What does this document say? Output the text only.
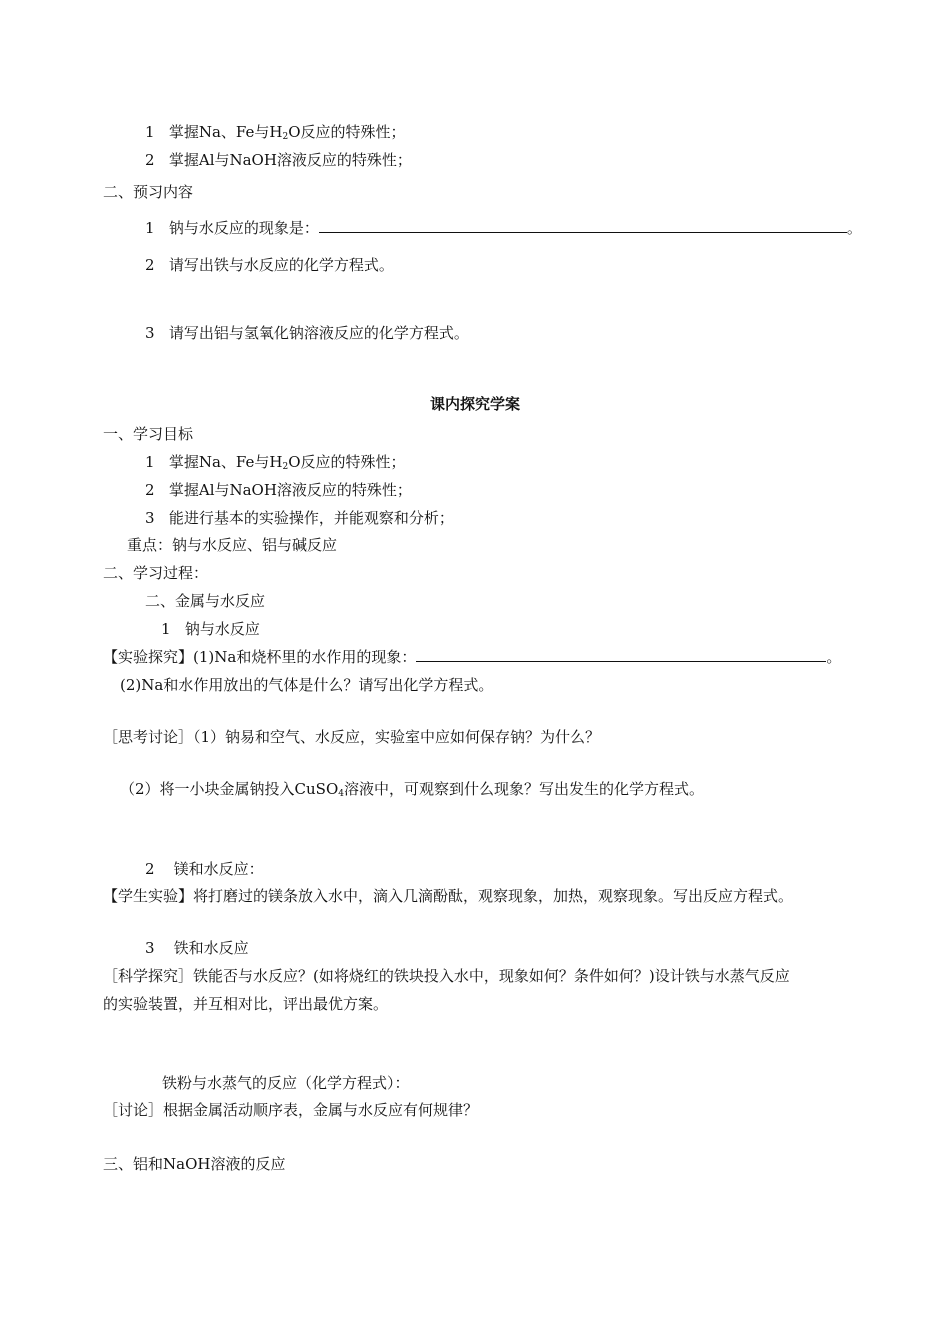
1 掌握Na、Fe与$H_2O$反应的特殊性；
2 掌握Al与NaOH溶液反应的特殊性；
二、预习内容
1 钠与水反应的现象是：	。
2 请写出铁与水反应的化学方程式。
3 请写出铝与氢氧化钠溶液反应的化学方程式。
课内探究学案
一、学习目标
1 掌握Na、Fe与$H_2O$反应的特殊性；
2 掌握Al与NaOH溶液反应的特殊性；
3 能进行基本的实验操作，并能观察和分析；
重点：钠与水反应、铝与碱反应
二、学习过程：
二、金属与水反应
1 钠与水反应
【实验探究】(1)Na和烧杯里的水作用的现象：	。
(2)Na和水作用放出的气体是什么？请写出化学方程式。
［思考讨论］（1）钠易和空气、水反应，实验室中应如何保存钠？为什么？
（2）将一小块金属钠投入CuSO$_4$溶液中，可观察到什么现象？写出发生的化学方程式。
2 镁和水反应：
【学生实验】将打磨过的镁条放入水中，滴入几滴酚酞，观察现象，加热，观察现象。写出反应方程式。
3 铁和水反应
［科学探究］铁能否与水反应？(如将烧红的铁块投入水中，现象如何？条件如何？)设计铁与水蒸气反应
的实验装置，并互相对比，评出最优方案。
铁粉与水蒸气的反应（化学方程式）：
［讨论］根据金属活动顺序表，金属与水反应有何规律？
三、铝和NaOH溶液的反应
